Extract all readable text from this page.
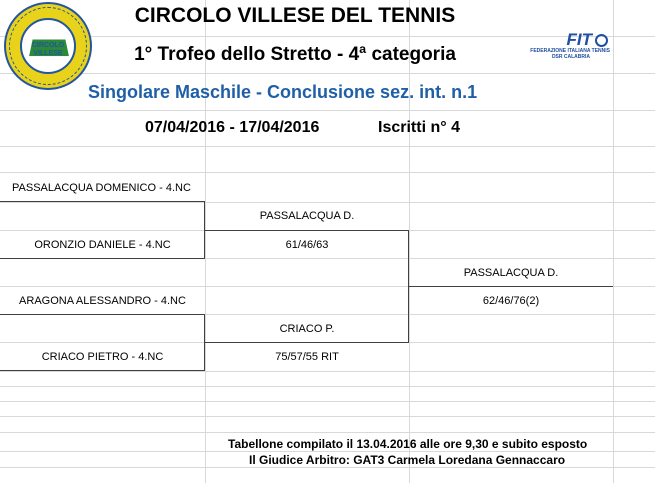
CIRCOLO
VILLESE
FIT
FEDERAZIONE ITALIANA TENNIS
DSR CALABRIA
CIRCOLO VILLESE DEL TENNIS
1° Trofeo dello Stretto - 4ª categoria
Singolare Maschile - Conclusione sez. int. n.1
07/04/2016 - 17/04/2016	Iscritti n° 4
PASSALACQUA DOMENICO - 4.NC
ORONZIO DANIELE - 4.NC
ARAGONA ALESSANDRO - 4.NC
CRIACO PIETRO - 4.NC
PASSALACQUA D.
61/46/63
CRIACO P.
75/57/55 RIT
PASSALACQUA D.
62/46/76(2)
Tabellone compilato il 13.04.2016 alle ore 9,30 e subito esposto
Il Giudice Arbitro: GAT3 Carmela Loredana Gennaccaro
